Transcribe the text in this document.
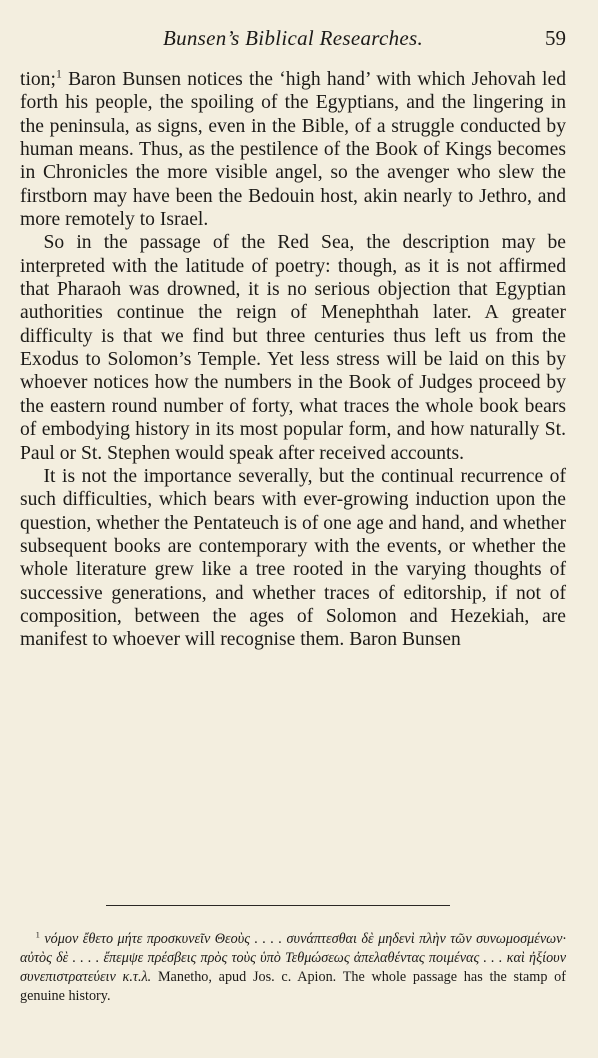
Bunsen’s Biblical Researches.	59

tion;$^1$ Baron Bunsen notices the ‘high hand’ with which Jehovah led forth his people, the spoiling of the Egyptians, and the lingering in the peninsula, as signs, even in the Bible, of a struggle conducted by human means. Thus, as the pestilence of the Book of Kings becomes in Chronicles the more visible angel, so the avenger who slew the firstborn may have been the Bedouin host, akin nearly to Jethro, and more remotely to Israel.

So in the passage of the Red Sea, the description may be interpreted with the latitude of poetry: though, as it is not affirmed that Pharaoh was drowned, it is no serious objection that Egyptian authorities continue the reign of Menephthah later. A greater difficulty is that we find but three centuries thus left us from the Exodus to Solomon’s Temple. Yet less stress will be laid on this by whoever notices how the numbers in the Book of Judges proceed by the eastern round number of forty, what traces the whole book bears of embodying history in its most popular form, and how naturally St. Paul or St. Stephen would speak after received accounts.

It is not the importance severally, but the continual recurrence of such difficulties, which bears with ever-growing induction upon the question, whether the Pentateuch is of one age and hand, and whether subsequent books are contemporary with the events, or whether the whole literature grew like a tree rooted in the varying thoughts of successive generations, and whether traces of editorship, if not of composition, between the ages of Solomon and Hezekiah, are manifest to whoever will recognise them. Baron Bunsen

$^1$ νόμον ἔθετο μήτε προσκυνεῖν Θεοὺς . . . . συνάπτεσθαι δὲ μηδενὶ πλὴν τῶν συνωμοσμένων· αὐτὸς δὲ . . . . ἔπεμψε πρέσβεις πρὸς τοὺς ὑπὸ Τεθμώσεως ἀπελαθέντας ποιμένας . . . καὶ ἠξίουν συνεπιστρατεύειν κ.τ.λ. Manetho, apud Jos. c. Apion. The whole passage has the stamp of genuine history.
